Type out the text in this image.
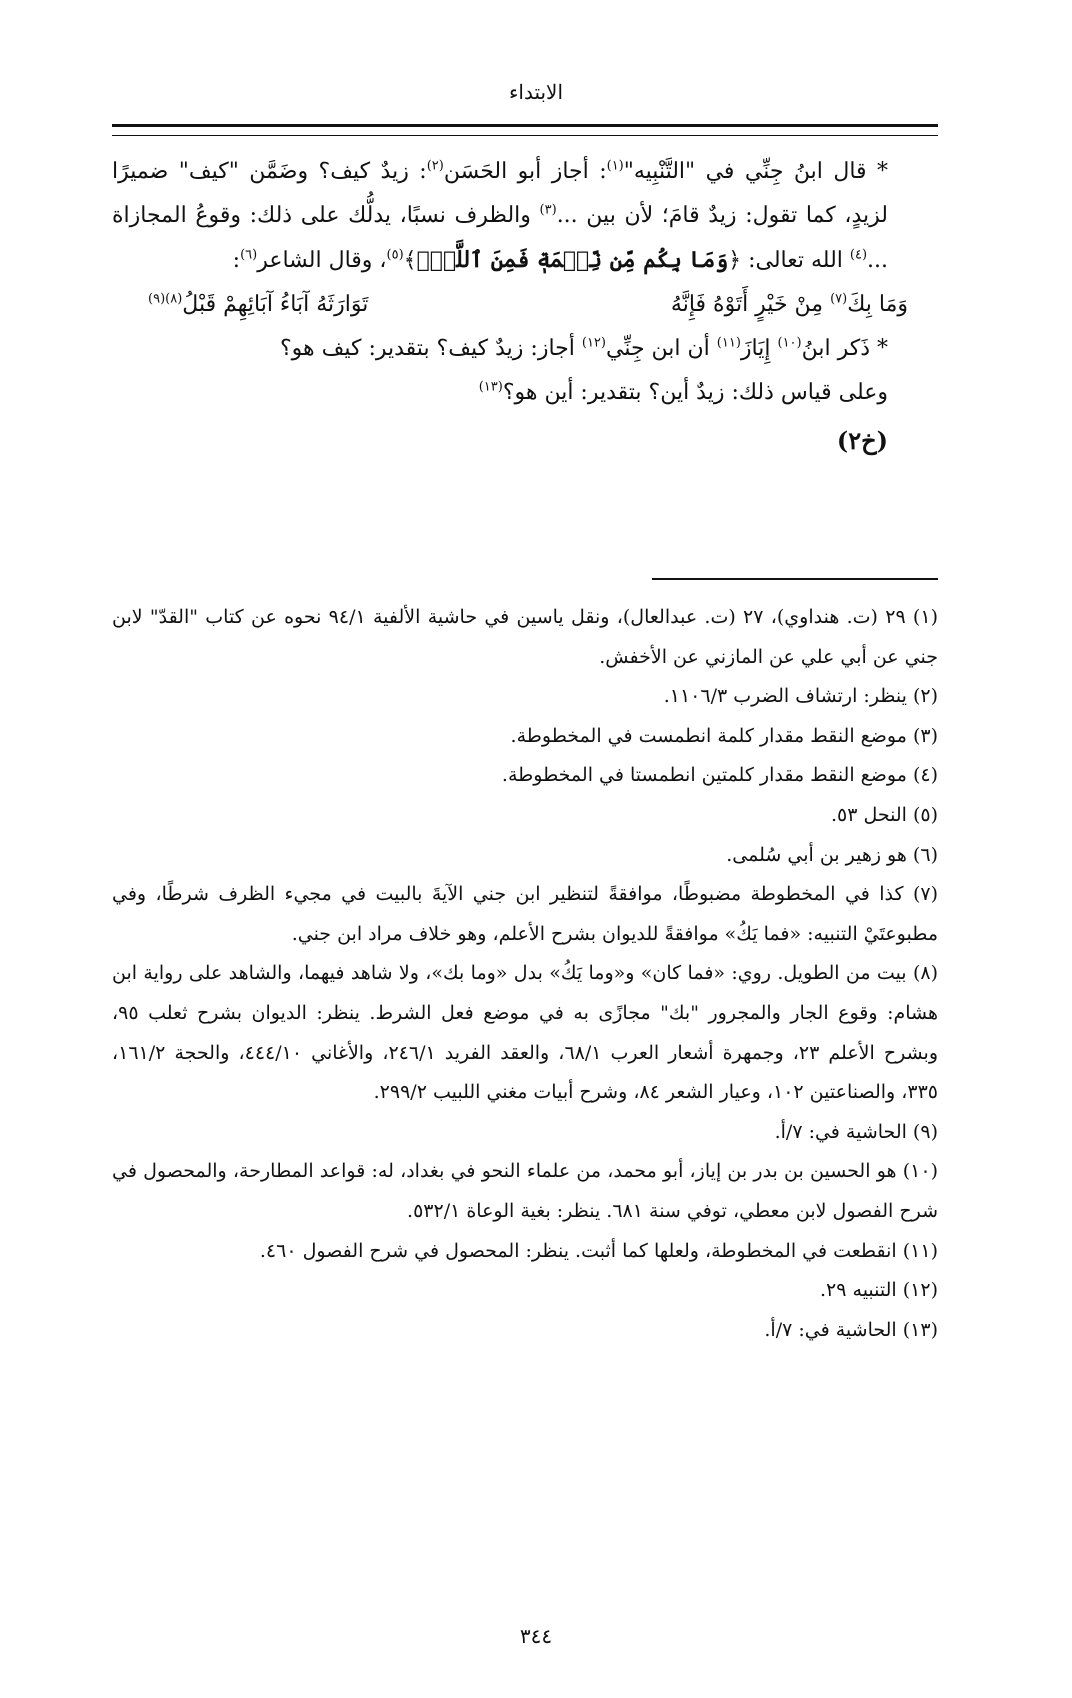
الابتداء

* قال ابنُ جِنِّي في "التَّنْبِيه"$^{(١)}$: أجاز أبو الحَسَن$^{(٢)}$: زيدٌ كيف؟ وضَمَّن "كيف" ضميرًا لزيدٍ، كما تقول: زيدٌ قامَ؛ لأن بين ...$^{(٣)}$ والظرف نسبًا، يدلُّك على ذلك: وقوعُ المجازاة ...$^{(٤)}$ الله تعالى: ﴿وَمَا بِكُم مِّن نِّعۡمَةٖ فَمِنَ ٱللَّهِۖ﴾$^{(٥)}$، وقال الشاعر$^{(٦)}$:

وَمَا بِكَ$^{(٧)}$ مِنْ خَيْرٍ أَتَوْهُ فَإِنَّهُ
تَوَارَثَهُ آبَاءُ آبَائِهِمْ قَبْلُ$^{(٨)(٩)}$

* ذَكر ابنُ$^{(١٠)}$ إِيَازَ$^{(١١)}$ أن ابن جِنِّي$^{(١٢)}$ أجاز: زيدٌ كيف؟ بتقدير: كيف هو؟

وعلى قياس ذلك: زيدٌ أين؟ بتقدير: أين هو؟$^{(١٣)}$

(خ٢)

(١) ٢٩ (ت. هنداوي)، ٢٧ (ت. عبدالعال)، ونقل ياسين في حاشية الألفية ٩٤/١ نحوه عن كتاب "القدّ" لابن جني عن أبي علي عن المازني عن الأخفش.

(٢) ينظر: ارتشاف الضرب ١١٠٦/٣.

(٣) موضع النقط مقدار كلمة انطمست في المخطوطة.

(٤) موضع النقط مقدار كلمتين انطمستا في المخطوطة.

(٥) النحل ٥٣.

(٦) هو زهير بن أبي سُلمى.

(٧) كذا في المخطوطة مضبوطًا، موافقةً لتنظير ابن جني الآيةَ بالبيت في مجيء الظرف شرطًا، وفي مطبوعتَيْ التنبيه: «فما يَكُ» موافقةً للديوان بشرح الأعلم، وهو خلاف مراد ابن جني.

(٨) بيت من الطويل. روي: «فما كان» و«وما يَكُ» بدل «وما بك»، ولا شاهد فيهما، والشاهد على رواية ابن هشام: وقوع الجار والمجرور "بك" مجازًى به في موضع فعل الشرط. ينظر: الديوان بشرح ثعلب ٩٥، وبشرح الأعلم ٢٣، وجمهرة أشعار العرب ٦٨/١، والعقد الفريد ٢٤٦/١، والأغاني ٤٤٤/١٠، والحجة ١٦١/٢، ٣٣٥، والصناعتين ١٠٢، وعيار الشعر ٨٤، وشرح أبيات مغني اللبيب ٢٩٩/٢.

(٩) الحاشية في: ٧/أ.

(١٠) هو الحسين بن بدر بن إياز، أبو محمد، من علماء النحو في بغداد، له: قواعد المطارحة، والمحصول في شرح الفصول لابن معطي، توفي سنة ٦٨١. ينظر: بغية الوعاة ٥٣٢/١.

(١١) انقطعت في المخطوطة، ولعلها كما أثبت. ينظر: المحصول في شرح الفصول ٤٦٠.

(١٢) التنبيه ٢٩.

(١٣) الحاشية في: ٧/أ.

٣٤٤
